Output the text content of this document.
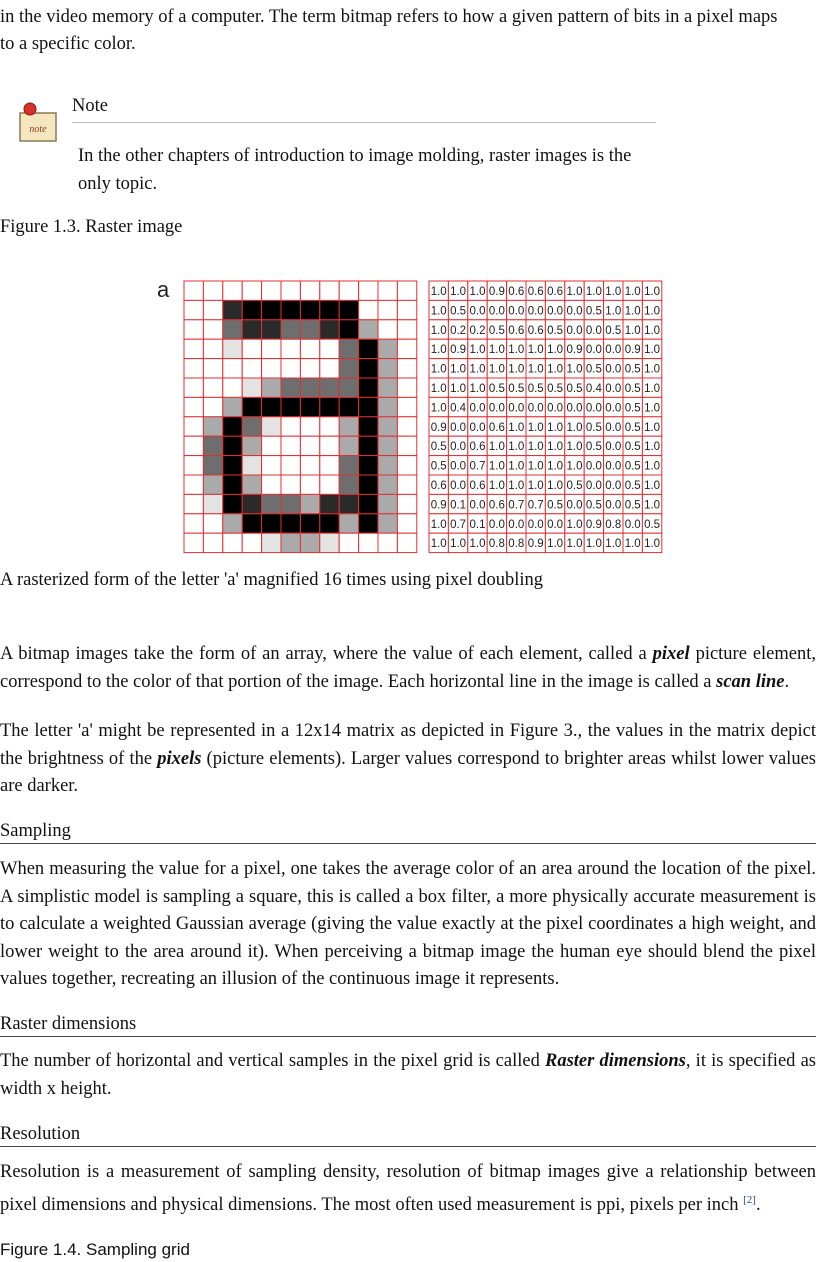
in the video memory of a computer. The term bitmap refers to how a given pattern of bits in a pixel maps

to a specific color.

note
Note

In the other chapters of introduction to image molding, raster images is the only topic.

Figure 1.3. Raster image
a	1.0 1.0 1.0 0.9 0.6 0.6 0.6 1.0 1.0 1.0 1.0 1.0
1.0 0.5 0.0 0.0 0.0 0.0 0.0 0.0 0.5 1.0 1.0 1.0
1.0 0.2 0.2 0.5 0.6 0.6 0.5 0.0 0.0 0.5 1.0 1.0
1.0 0.9 1.0 1.0 1.0 1.0 1.0 0.9 0.0 0.0 0.9 1.0
1.0 1.0 1.0 1.0 1.0 1.0 1.0 1.0 0.5 0.0 0.5 1.0
1.0 1.0 1.0 0.5 0.5 0.5 0.5 0.5 0.4 0.0 0.5 1.0
1.0 0.4 0.0 0.0 0.0 0.0 0.0 0.0 0.0 0.0 0.5 1.0
0.9 0.0 0.0 0.6 1.0 1.0 1.0 1.0 0.5 0.0 0.5 1.0
0.5 0.0 0.6 1.0 1.0 1.0 1.0 1.0 0.5 0.0 0.5 1.0
0.5 0.0 0.7 1.0 1.0 1.0 1.0 1.0 0.0 0.0 0.5 1.0
0.6 0.0 0.6 1.0 1.0 1.0 1.0 0.5 0.0 0.0 0.5 1.0
0.9 0.1 0.0 0.6 0.7 0.7 0.5 0.0 0.5 0.0 0.5 1.0
1.0 0.7 0.1 0.0 0.0 0.0 0.0 1.0 0.9 0.8 0.0 0.5
1.0 1.0 1.0 0.8 0.8 0.9 1.0 1.0 1.0 1.0 1.0 1.0
A rasterized form of the letter 'a' magnified 16 times using pixel doubling

A bitmap images take the form of an array, where the value of each element, called a pixel picture element, correspond to the color of that portion of the image. Each horizontal line in the image is called a scan line.

The letter 'a' might be represented in a 12x14 matrix as depicted in Figure 3., the values in the matrix depict the brightness of the pixels (picture elements). Larger values correspond to brighter areas whilst lower values are darker.

Sampling

When measuring the value for a pixel, one takes the average color of an area around the location of the pixel. A simplistic model is sampling a square, this is called a box filter, a more physically accurate measurement is to calculate a weighted Gaussian average (giving the value exactly at the pixel coordinates a high weight, and lower weight to the area around it). When perceiving a bitmap image the human eye should blend the pixel values together, recreating an illusion of the continuous image it represents.

Raster dimensions

The number of horizontal and vertical samples in the pixel grid is called Raster dimensions, it is specified as width x height.

Resolution

Resolution is a measurement of sampling density, resolution of bitmap images give a relationship between pixel dimensions and physical dimensions. The most often used measurement is ppi, pixels per inch [2].

Figure 1.4. Sampling grid
